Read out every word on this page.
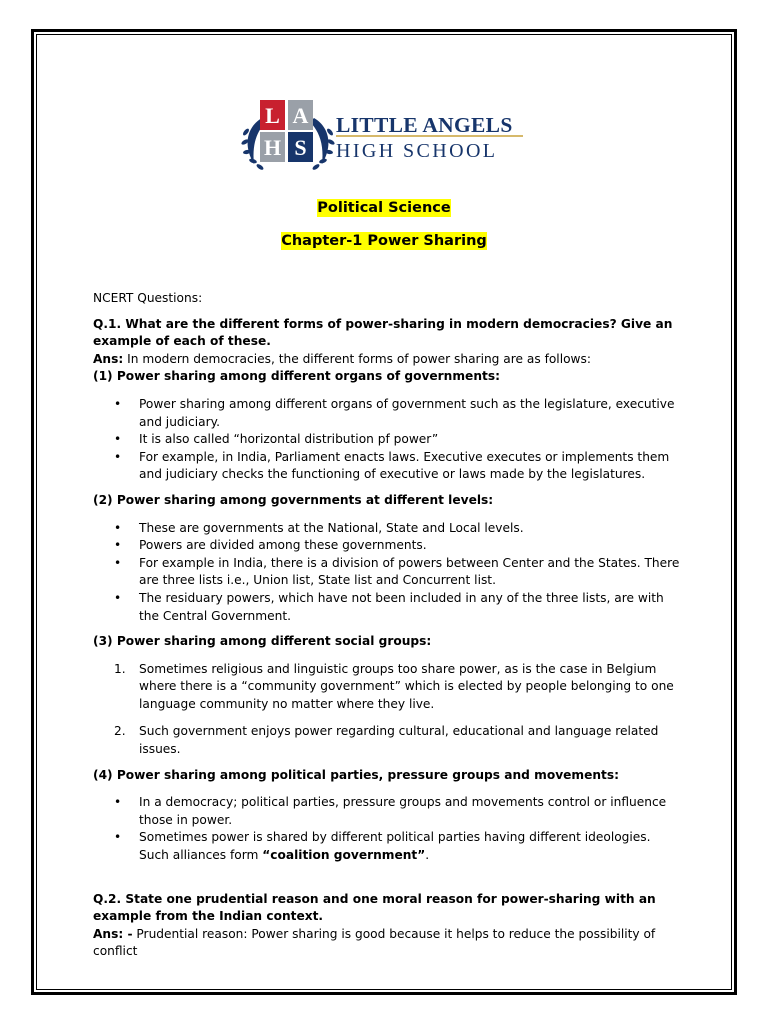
L A
H S
LITTLE ANGELS
HIGH SCHOOL
Political Science
Chapter-1 Power Sharing

NCERT Questions:

Q.1. What are the different forms of power-sharing in modern democracies? Give an example of each of these.

Ans: In modern democracies, the different forms of power sharing are as follows:

(1) Power sharing among different organs of governments:

• Power sharing among different organs of government such as the legislature, executive and judiciary.
• It is also called “horizontal distribution pf power”
• For example, in India, Parliament enacts laws. Executive executes or implements them and judiciary checks the functioning of executive or laws made by the legislatures.

(2) Power sharing among governments at different levels:

• These are governments at the National, State and Local levels.
• Powers are divided among these governments.
• For example in India, there is a division of powers between Center and the States. There are three lists i.e., Union list, State list and Concurrent list.
• The residuary powers, which have not been included in any of the three lists, are with the Central Government.

(3) Power sharing among different social groups:

1. Sometimes religious and linguistic groups too share power, as is the case in Belgium where there is a “community government” which is elected by people belonging to one language community no matter where they live.
2. Such government enjoys power regarding cultural, educational and language related issues.

(4) Power sharing among political parties, pressure groups and movements:

• In a democracy; political parties, pressure groups and movements control or influence those in power.
• Sometimes power is shared by different political parties having different ideologies. Such alliances form “coalition government”.

Q.2. State one prudential reason and one moral reason for power-sharing with an example from the Indian context.

Ans: - Prudential reason: Power sharing is good because it helps to reduce the possibility of conflict
